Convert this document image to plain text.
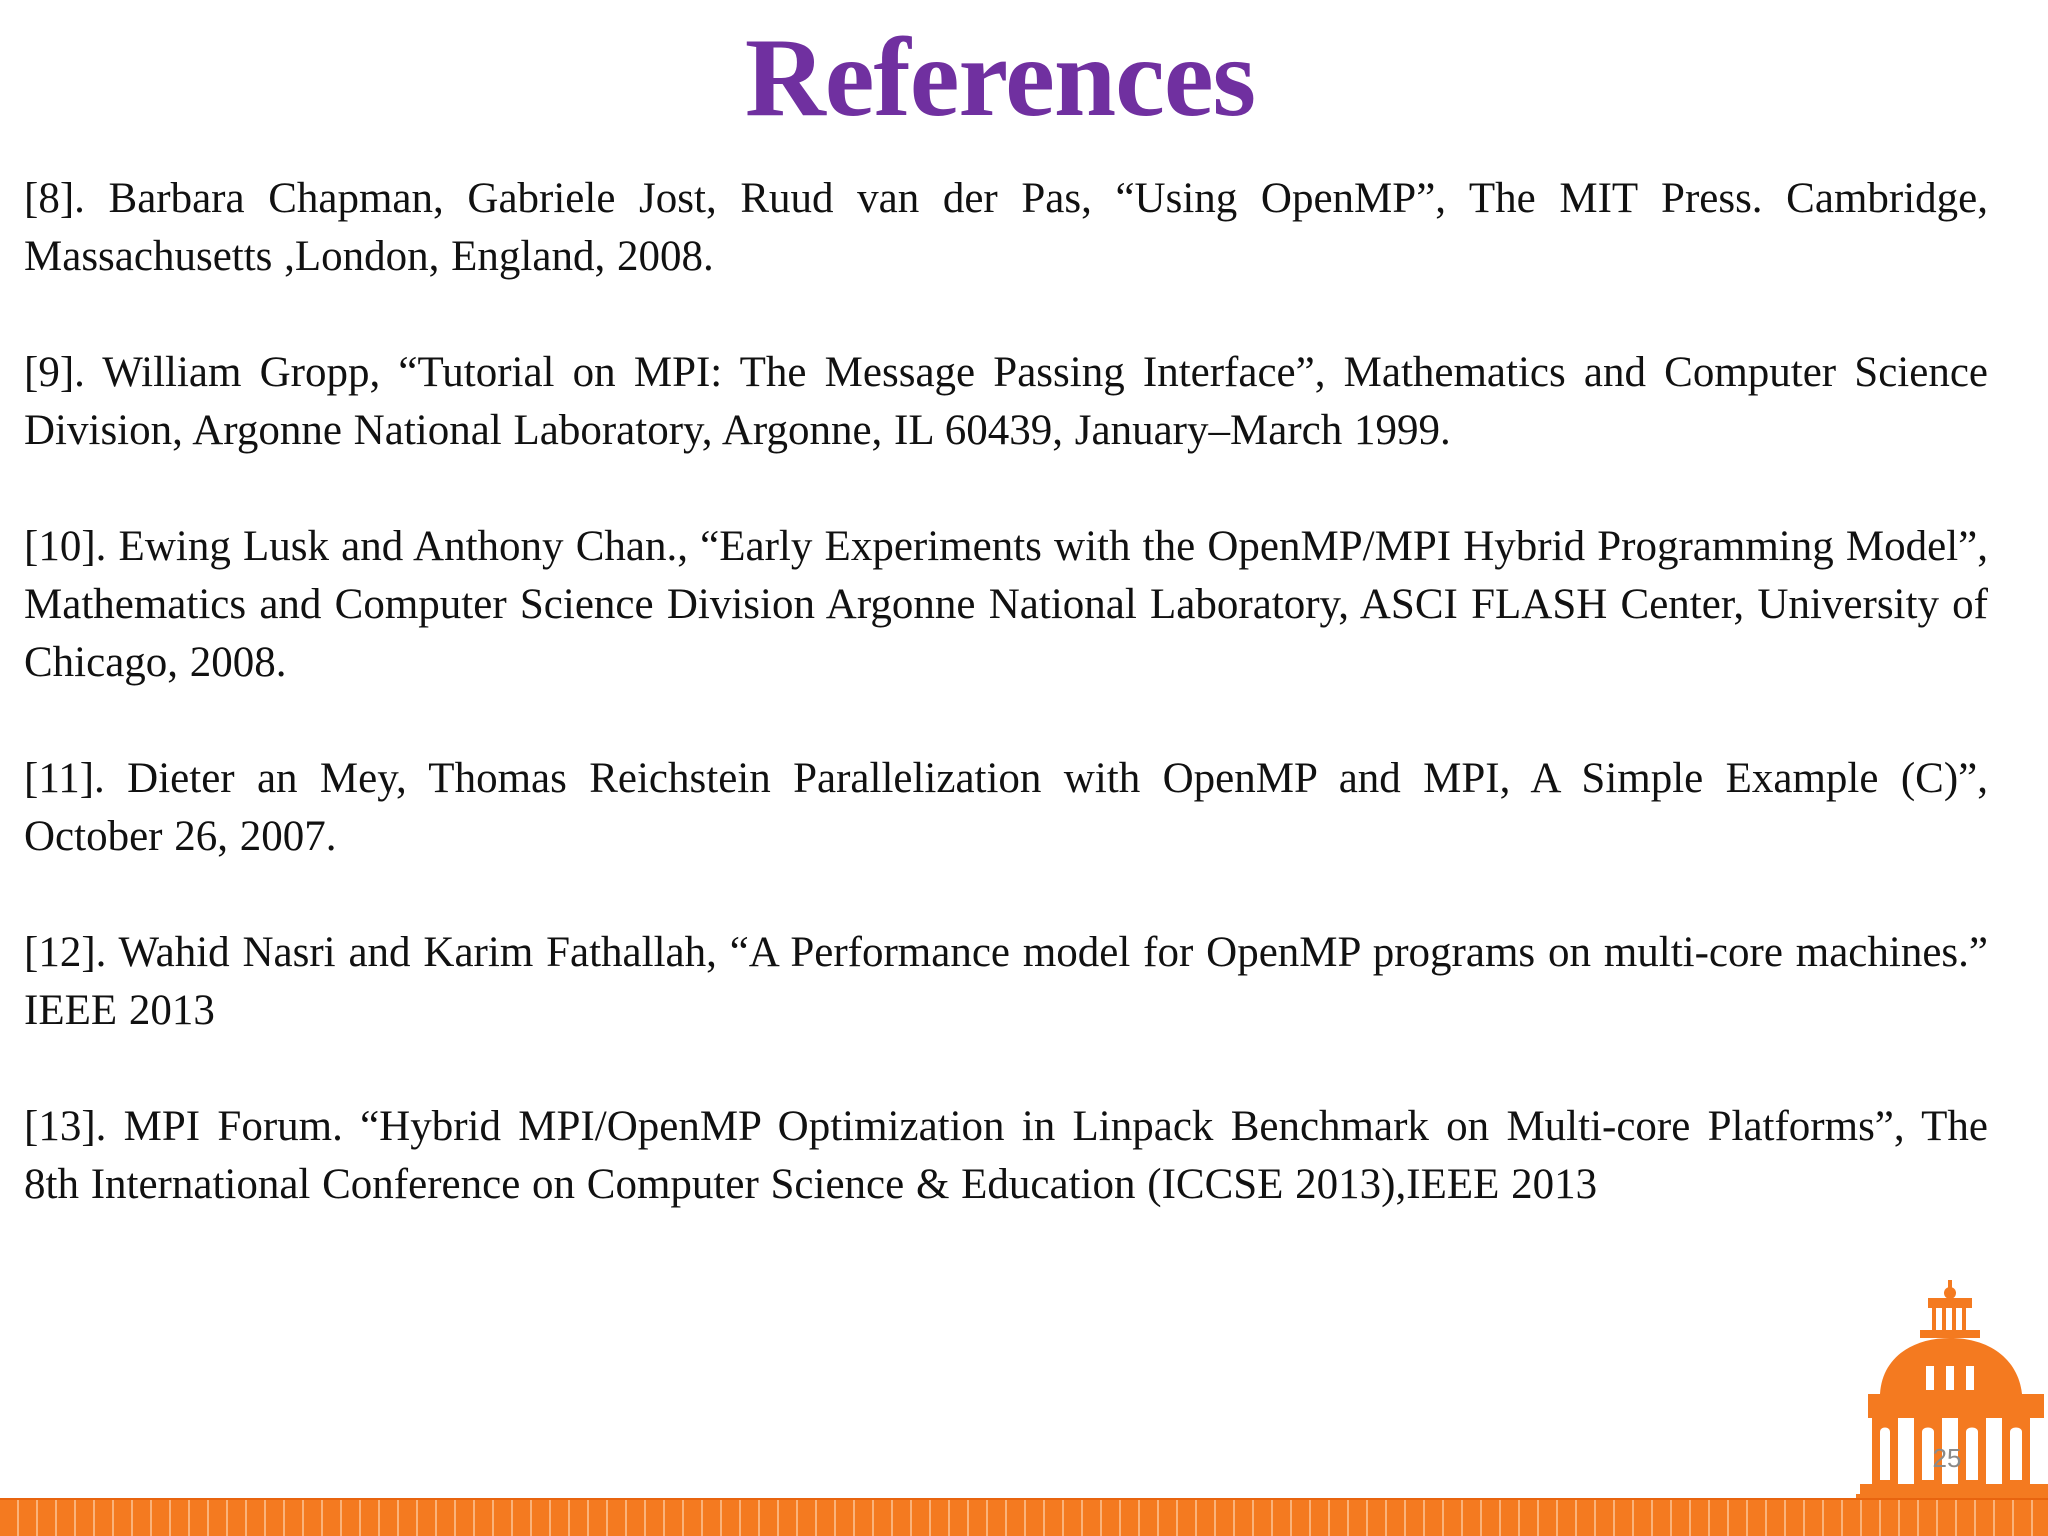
References

[8]. Barbara Chapman, Gabriele Jost, Ruud van der Pas, “Using OpenMP”, The MIT Press. Cambridge, Massachusetts ,London, England, 2008.

[9]. William Gropp, “Tutorial on MPI: The Message Passing Interface”, Mathematics and Computer Science Division, Argonne National Laboratory, Argonne, IL 60439, January–March 1999.

[10]. Ewing Lusk and Anthony Chan., “Early Experiments with the OpenMP/MPI Hybrid Programming Model”, Mathematics and Computer Science Division Argonne National Laboratory, ASCI FLASH Center, University of Chicago, 2008.

[11]. Dieter an Mey, Thomas Reichstein Parallelization with OpenMP and MPI, A Simple Example (C)”, October 26, 2007.

[12]. Wahid Nasri and Karim Fathallah, “A Performance model for OpenMP programs on multi-core machines.” IEEE 2013

[13]. MPI Forum. “Hybrid MPI/OpenMP Optimization in Linpack Benchmark on Multi-core Platforms”, The 8th International Conference on Computer Science & Education (ICCSE 2013),IEEE 2013

25
